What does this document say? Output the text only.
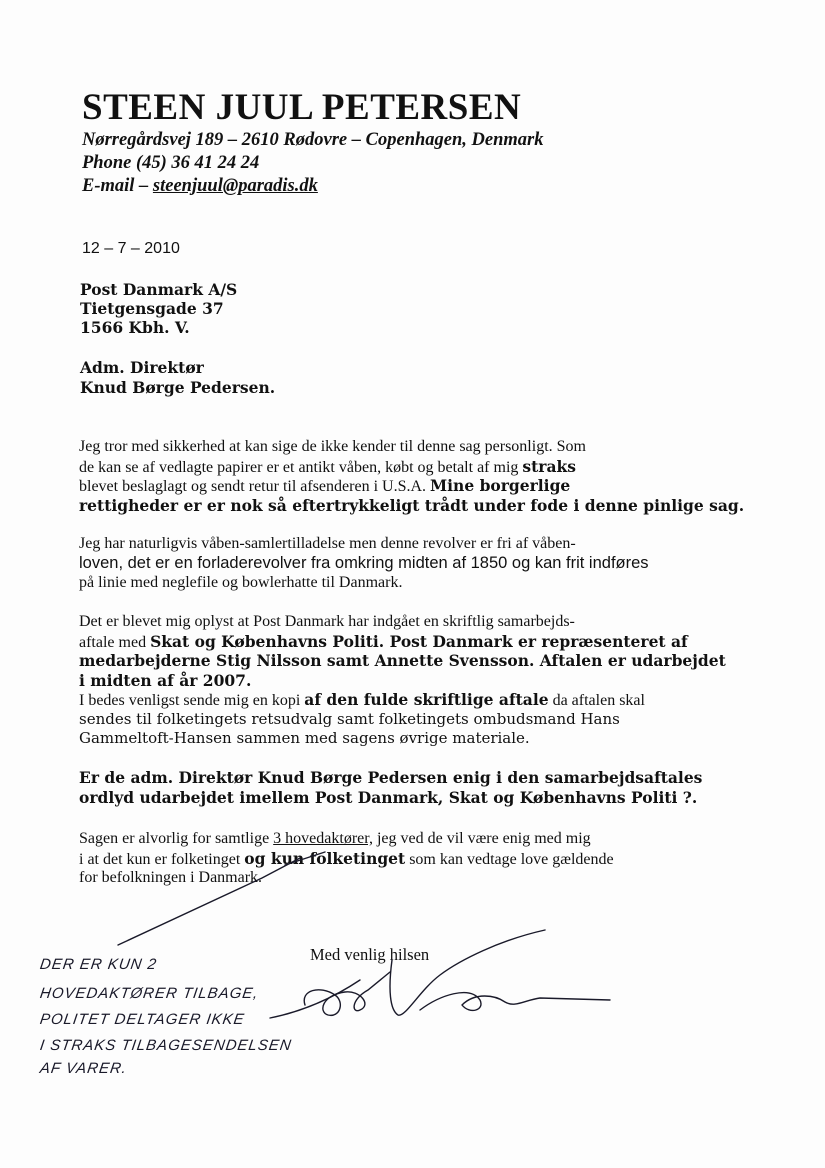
STEEN JUUL PETERSEN
Nørregårdsvej 189 – 2610 Rødovre – Copenhagen, Denmark
Phone (45) 36 41 24 24
E-mail – steenjuul@paradis.dk
12 – 7 – 2010
Post Danmark A/S
Tietgensgade 37
1566 Kbh. V.
Adm. Direktør
Knud Børge Pedersen.
Jeg tror med sikkerhed at kan sige de ikke kender til denne sag personligt. Som
de kan se af vedlagte papirer er et antikt våben, købt og betalt af mig straks
blevet beslaglagt og sendt retur til afsenderen i U.S.A. Mine borgerlige
rettigheder er er nok så eftertrykkeligt trådt under fode i denne pinlige sag.
Jeg har naturligvis våben-samlertilladelse men denne revolver er fri af våben-
loven, det er en forladerevolver fra omkring midten af 1850 og kan frit indføres
på linie med neglefile og bowlerhatte til Danmark.
Det er blevet mig oplyst at Post Danmark har indgået en skriftlig samarbejds-
aftale med Skat og Københavns Politi. Post Danmark er repræsenteret af
medarbejderne Stig Nilsson samt Annette Svensson. Aftalen er udarbejdet
i midten af år 2007.
I bedes venligst sende mig en kopi af den fulde skriftlige aftale da aftalen skal
sendes til folketingets retsudvalg samt folketingets ombudsmand Hans
Gammeltoft-Hansen sammen med sagens øvrige materiale.
Er de adm. Direktør Knud Børge Pedersen enig i den samarbejdsaftales
ordlyd udarbejdet imellem Post Danmark, Skat og Københavns Politi ?.
Sagen er alvorlig for samtlige 3 hovedaktører, jeg ved de vil være enig med mig
i at det kun er folketinget og kun folketinget som kan vedtage love gældende
for befolkningen i Danmark.
Med venlig hilsen
DER ER KUN 2
HOVEDAKTØRER TILBAGE,
POLITET DELTAGER IKKE
I STRAKS TILBAGESENDELSEN
AF VARER.
